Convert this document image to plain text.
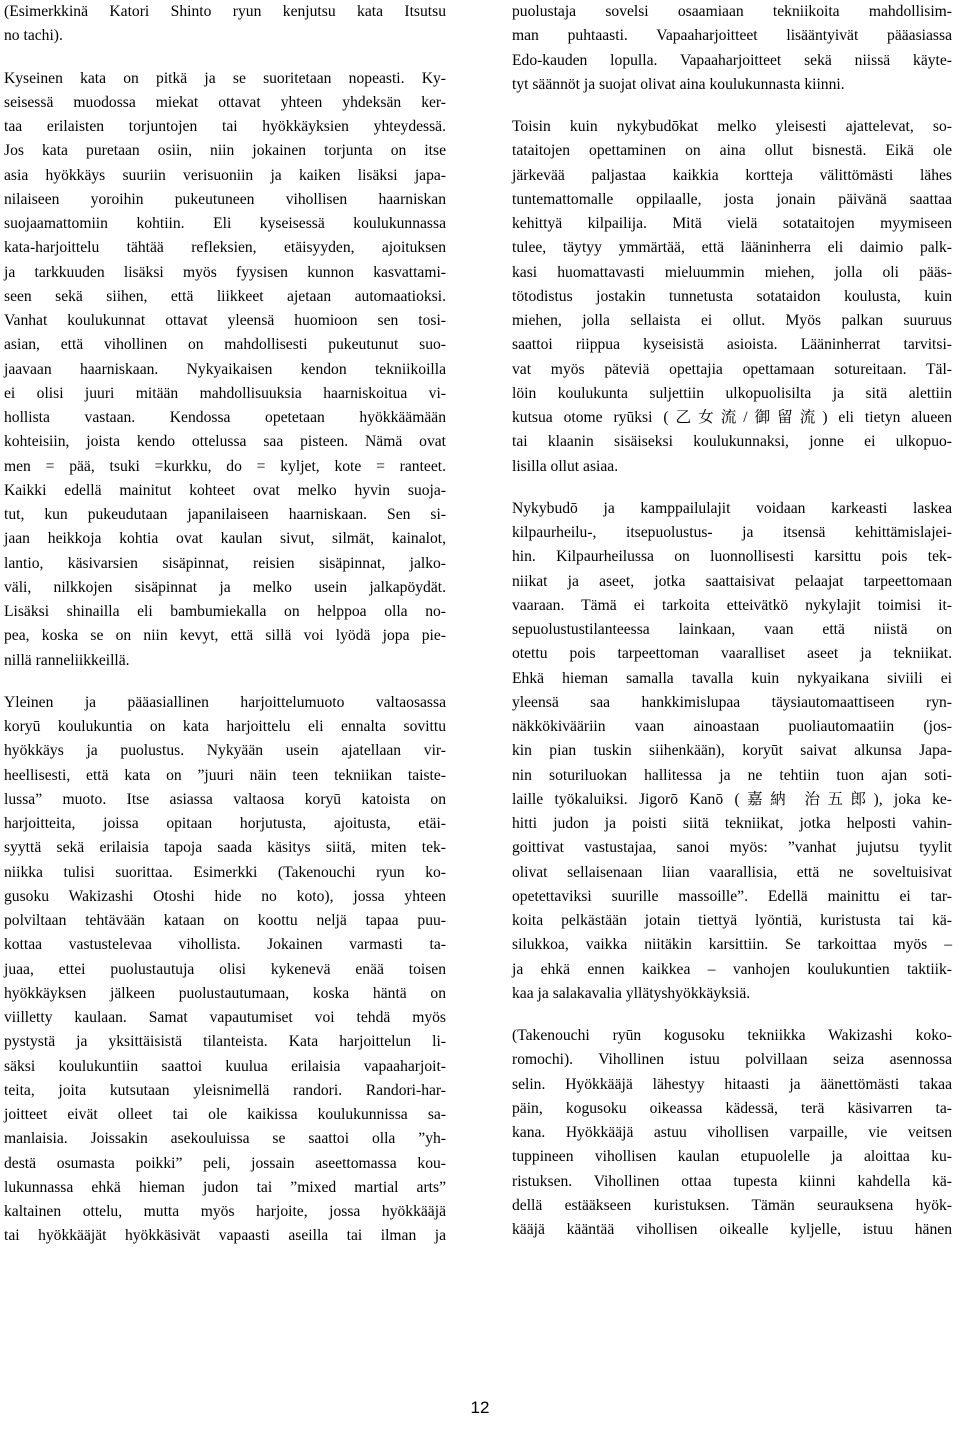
(Esimerkkinä Katori Shinto ryun kenjutsu kata Itsutsu
no tachi).
Kyseinen kata on pitkä ja se suoritetaan nopeasti. Ky-
seisessä muodossa miekat ottavat yhteen yhdeksän ker-
taa erilaisten torjuntojen tai hyökkäyksien yhteydessä.
Jos kata puretaan osiin, niin jokainen torjunta on itse
asia hyökkäys suuriin verisuoniin ja kaiken lisäksi japa-
nilaiseen yoroihin pukeutuneen vihollisen haarniskan
suojaamattomiin kohtiin. Eli kyseisessä koulukunnassa
kata-harjoittelu tähtää refleksien, etäisyyden, ajoituksen
ja tarkkuuden lisäksi myös fyysisen kunnon kasvattami-
seen sekä siihen, että liikkeet ajetaan automaatioksi.
Vanhat koulukunnat ottavat yleensä huomioon sen tosi-
asian, että vihollinen on mahdollisesti pukeutunut suo-
jaavaan haarniskaan. Nykyaikaisen kendon tekniikoilla
ei olisi juuri mitään mahdollisuuksia haarniskoitua vi-
hollista vastaan. Kendossa opetetaan hyökkäämään
kohteisiin, joista kendo ottelussa saa pisteen. Nämä ovat
men = pää, tsuki =kurkku, do = kyljet, kote = ranteet.
Kaikki edellä mainitut kohteet ovat melko hyvin suoja-
tut, kun pukeudutaan japanilaiseen haarniskaan. Sen si-
jaan heikkoja kohtia ovat kaulan sivut, silmät, kainalot,
lantio, käsivarsien sisäpinnat, reisien sisäpinnat, jalko-
väli, nilkkojen sisäpinnat ja melko usein jalkapöydät.
Lisäksi shinailla eli bambumiekalla on helppoa olla no-
pea, koska se on niin kevyt, että sillä voi lyödä jopa pie-
nillä ranneliikkeillä.
Yleinen ja pääasiallinen harjoittelumuoto valtaosassa
koryū koulukuntia on kata harjoittelu eli ennalta sovittu
hyökkäys ja puolustus. Nykyään usein ajatellaan vir-
heellisesti, että kata on ”juuri näin teen tekniikan taiste-
lussa” muoto. Itse asiassa valtaosa koryū katoista on
harjoitteita, joissa opitaan horjutusta, ajoitusta, etäi-
syyttä sekä erilaisia tapoja saada käsitys siitä, miten tek-
niikka tulisi suorittaa. Esimerkki (Takenouchi ryun ko-
gusoku Wakizashi Otoshi hide no koto), jossa yhteen
polviltaan tehtävään kataan on koottu neljä tapaa puu-
kottaa vastustelevaa vihollista. Jokainen varmasti ta-
juaa, ettei puolustautuja olisi kykenevä enää toisen
hyökkäyksen jälkeen puolustautumaan, koska häntä on
viilletty kaulaan. Samat vapautumiset voi tehdä myös
pystystä ja yksittäisistä tilanteista. Kata harjoittelun li-
säksi koulukuntiin saattoi kuulua erilaisia vapaaharjoit-
teita, joita kutsutaan yleisnimellä randori. Randori-har-
joitteet eivät olleet tai ole kaikissa koulukunnissa sa-
manlaisia. Joissakin asekouluissa se saattoi olla ”yh-
destä osumasta poikki” peli, jossain aseettomassa kou-
lukunnassa ehkä hieman judon tai ”mixed martial arts”
kaltainen ottelu, mutta myös harjoite, jossa hyökkääjä
tai hyökkääjät hyökkäsivät vapaasti aseilla tai ilman ja
puolustaja sovelsi osaamiaan tekniikoita mahdollisim-
man puhtaasti. Vapaaharjoitteet lisääntyivät pääasiassa
Edo-kauden lopulla. Vapaaharjoitteet sekä niissä käyte-
tyt säännöt ja suojat olivat aina koulukunnasta kiinni.
Toisin kuin nykybudōkat melko yleisesti ajattelevat, so-
tataitojen opettaminen on aina ollut bisnestä. Eikä ole
järkevää paljastaa kaikkia kortteja välittömästi lähes
tuntemattomalle oppilaalle, josta jonain päivänä saattaa
kehittyä kilpailija. Mitä vielä sotataitojen myymiseen
tulee, täytyy ymmärtää, että lääninherra eli daimio palk-
kasi huomattavasti mieluummin miehen, jolla oli pääs-
tötodistus jostakin tunnetusta sotataidon koulusta, kuin
miehen, jolla sellaista ei ollut. Myös palkan suuruus
saattoi riippua kyseisistä asioista. Lääninherrat tarvitsi-
vat myös päteviä opettajia opettamaan sotureitaan. Täl-
löin koulukunta suljettiin ulkopuolisilta ja sitä alettiin
kutsua otome ryūksi (乙女流/御留流) eli tietyn alueen
tai klaanin sisäiseksi koulukunnaksi, jonne ei ulkopuo-
lisilla ollut asiaa.
Nykybudō ja kamppailulajit voidaan karkeasti laskea
kilpaurheilu-, itsepuolustus- ja itsensä kehittämislajei-
hin. Kilpaurheilussa on luonnollisesti karsittu pois tek-
niikat ja aseet, jotka saattaisivat pelaajat tarpeettomaan
vaaraan. Tämä ei tarkoita etteivätkö nykylajit toimisi it-
sepuolustustilanteessa lainkaan, vaan että niistä on
otettu pois tarpeettoman vaaralliset aseet ja tekniikat.
Ehkä hieman samalla tavalla kuin nykyaikana siviili ei
yleensä saa hankkimislupaa täysiautomaattiseen ryn-
näkkökivääriin vaan ainoastaan puoliautomaatiin (jos-
kin pian tuskin siihenkään), koryūt saivat alkunsa Japa-
nin soturiluokan hallitessa ja ne tehtiin tuon ajan soti-
laille työkaluiksi. Jigorō Kanō (嘉納 治五郎), joka ke-
hitti judon ja poisti siitä tekniikat, jotka helposti vahin-
goittivat vastustajaa, sanoi myös: ”vanhat jujutsu tyylit
olivat sellaisenaan liian vaarallisia, että ne soveltuisivat
opetettaviksi suurille massoille”. Edellä mainittu ei tar-
koita pelkästään jotain tiettyä lyöntiä, kuristusta tai kä-
silukkoa, vaikka niitäkin karsittiin. Se tarkoittaa myös –
ja ehkä ennen kaikkea – vanhojen koulukuntien taktiik-
kaa ja salakavalia yllätyshyökkäyksiä.
(Takenouchi ryūn kogusoku tekniikka Wakizashi koko-
romochi). Vihollinen istuu polvillaan seiza asennossa
selin. Hyökkääjä lähestyy hitaasti ja äänettömästi takaa
päin, kogusoku oikeassa kädessä, terä käsivarren ta-
kana. Hyökkääjä astuu vihollisen varpaille, vie veitsen
tuppineen vihollisen kaulan etupuolelle ja aloittaa ku-
ristuksen. Vihollinen ottaa tupesta kiinni kahdella kä-
dellä estääkseen kuristuksen. Tämän seurauksena hyök-
kääjä kääntää vihollisen oikealle kyljelle, istuu hänen
12
